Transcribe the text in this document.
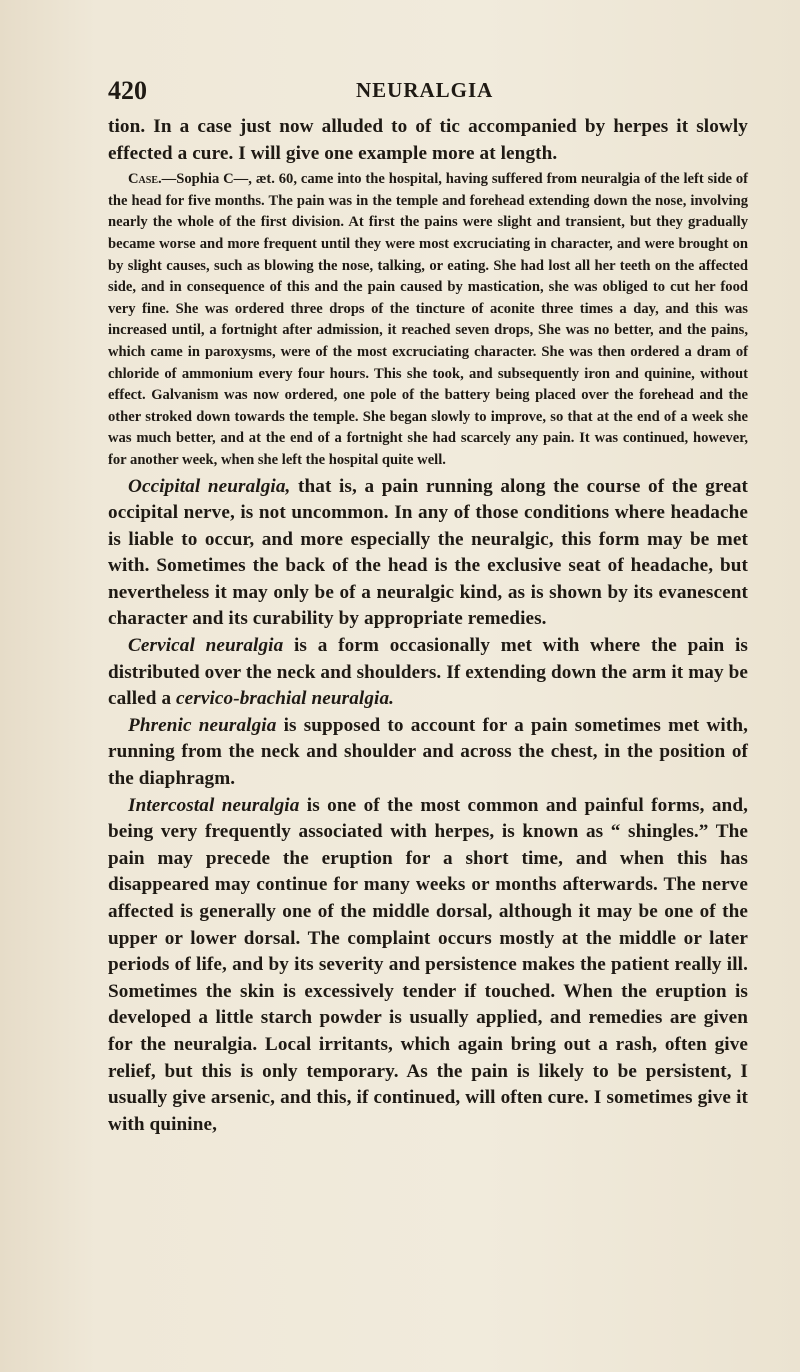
420	NEURALGIA

tion. In a case just now alluded to of tic accompanied by herpes it slowly effected a cure. I will give one example more at length.

Case.—Sophia C—, æt. 60, came into the hospital, having suffered from neuralgia of the left side of the head for five months. The pain was in the temple and forehead extending down the nose, involving nearly the whole of the first division. At first the pains were slight and transient, but they gradually became worse and more frequent until they were most excruciating in character, and were brought on by slight causes, such as blowing the nose, talking, or eating. She had lost all her teeth on the affected side, and in consequence of this and the pain caused by mastication, she was obliged to cut her food very fine. She was ordered three drops of the tincture of aconite three times a day, and this was increased until, a fortnight after admission, it reached seven drops, She was no better, and the pains, which came in paroxysms, were of the most excruciating character. She was then ordered a dram of chloride of ammonium every four hours. This she took, and subsequently iron and quinine, without effect. Galvanism was now ordered, one pole of the battery being placed over the forehead and the other stroked down towards the temple. She began slowly to improve, so that at the end of a week she was much better, and at the end of a fortnight she had scarcely any pain. It was continued, however, for another week, when she left the hospital quite well.

Occipital neuralgia, that is, a pain running along the course of the great occipital nerve, is not uncommon. In any of those conditions where headache is liable to occur, and more especially the neuralgic, this form may be met with. Sometimes the back of the head is the exclusive seat of headache, but nevertheless it may only be of a neuralgic kind, as is shown by its evanescent character and its curability by appropriate remedies.

Cervical neuralgia is a form occasionally met with where the pain is distributed over the neck and shoulders. If extending down the arm it may be called a cervico-brachial neuralgia.

Phrenic neuralgia is supposed to account for a pain sometimes met with, running from the neck and shoulder and across the chest, in the position of the diaphragm.

Intercostal neuralgia is one of the most common and painful forms, and, being very frequently associated with herpes, is known as “ shingles.” The pain may precede the eruption for a short time, and when this has disappeared may continue for many weeks or months afterwards. The nerve affected is generally one of the middle dorsal, although it may be one of the upper or lower dorsal. The complaint occurs mostly at the middle or later periods of life, and by its severity and persistence makes the patient really ill. Sometimes the skin is excessively tender if touched. When the eruption is developed a little starch powder is usually applied, and remedies are given for the neuralgia. Local irritants, which again bring out a rash, often give relief, but this is only temporary. As the pain is likely to be persistent, I usually give arsenic, and this, if continued, will often cure. I sometimes give it with quinine,
